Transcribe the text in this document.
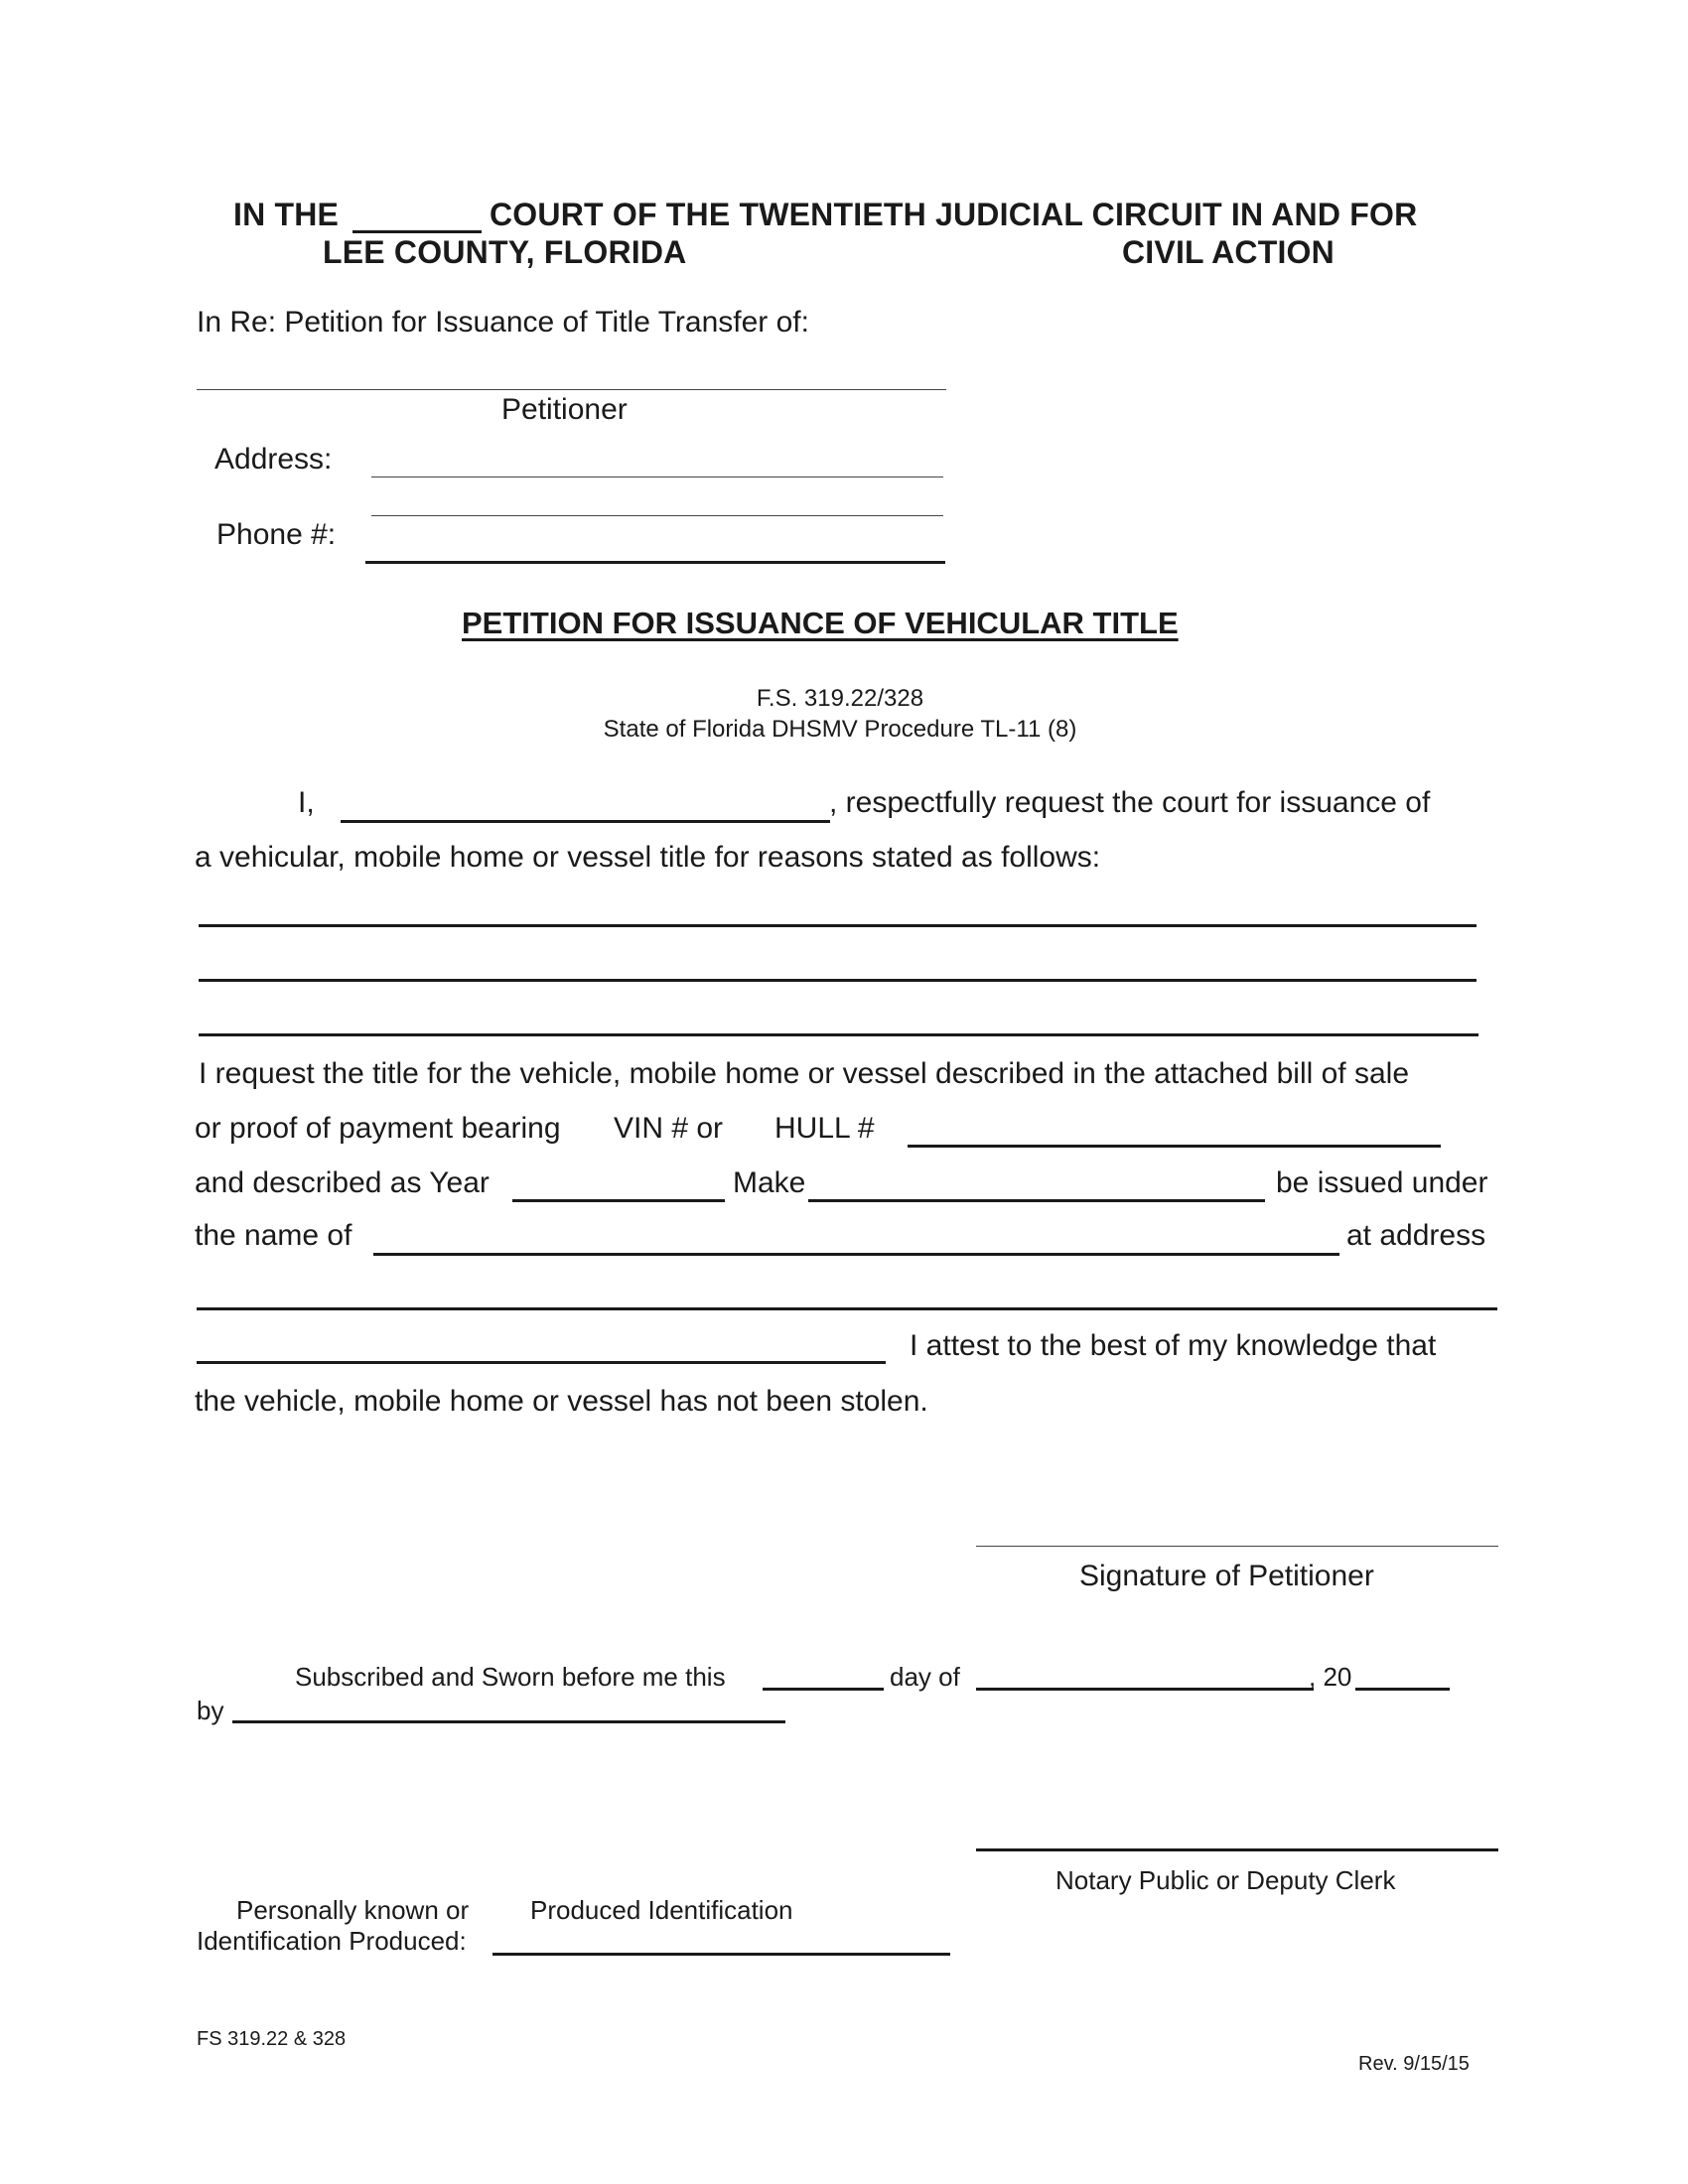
IN THE	COURT OF THE TWENTIETH JUDICIAL CIRCUIT IN AND FOR
LEE COUNTY, FLORIDA	CIVIL ACTION
In Re: Petition for Issuance of Title Transfer of:
Petitioner
Address:
Phone #:
PETITION FOR ISSUANCE OF VEHICULAR TITLE
F.S. 319.22/328
State of Florida DHSMV Procedure TL-11 (8)
I,	, respectfully request the court for issuance of
a vehicular, mobile home or vessel title for reasons stated as follows:
I request the title for the vehicle, mobile home or vessel described in the attached bill of sale
or proof of payment bearing VIN # or HULL #
and described as Year	Make	be issued under
the name of	at address
I attest to the best of my knowledge that
the vehicle, mobile home or vessel has not been stolen.
Signature of Petitioner
Subscribed and Sworn before me this	day of	, 20
by
Notary Public or Deputy Clerk
Personally known or Produced Identification
Identification Produced:
FS 319.22 & 328
Rev. 9/15/15
